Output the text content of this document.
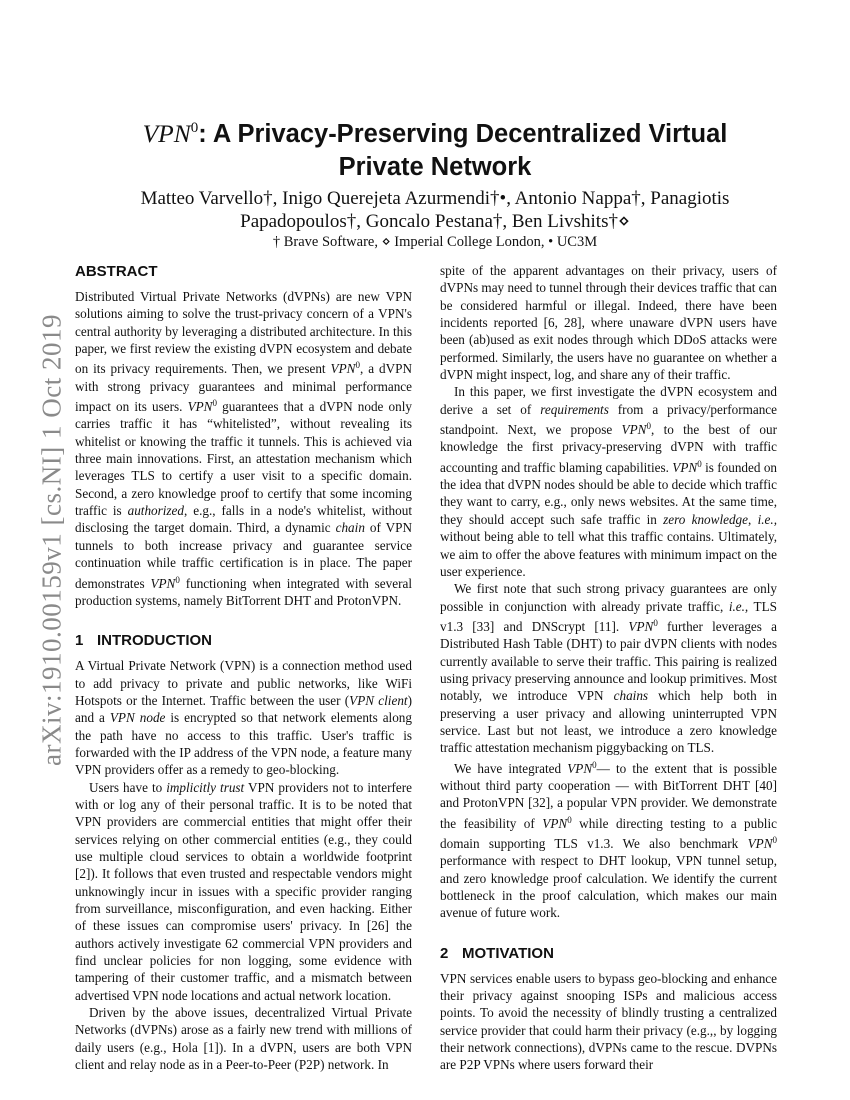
arXiv:1910.00159v1 [cs.NI] 1 Oct 2019
VPN$^0$: A Privacy-Preserving Decentralized Virtual
Private Network
Matteo Varvello†, Inigo Querejeta Azurmendi†•, Antonio Nappa†, Panagiotis
Papadopoulos†, Goncalo Pestana†, Ben Livshits†⋄
† Brave Software, ⋄ Imperial College London, • UC3M
ABSTRACT

Distributed Virtual Private Networks (dVPNs) are new VPN solutions aiming to solve the trust-privacy concern of a VPN's central authority by leveraging a distributed architecture. In this paper, we first review the existing dVPN ecosystem and debate on its privacy requirements. Then, we present VPN$^0$, a dVPN with strong privacy guarantees and minimal performance impact on its users. VPN$^0$ guarantees that a dVPN node only carries traffic it has “whitelisted”, without revealing its whitelist or knowing the traffic it tunnels. This is achieved via three main innovations. First, an attestation mechanism which leverages TLS to certify a user visit to a specific domain. Second, a zero knowledge proof to certify that some incoming traffic is authorized, e.g., falls in a node's whitelist, without disclosing the target domain. Third, a dynamic chain of VPN tunnels to both increase privacy and guarantee service continuation while traffic certification is in place. The paper demonstrates VPN$^0$ functioning when integrated with several production systems, namely BitTorrent DHT and ProtonVPN.

1 INTRODUCTION

A Virtual Private Network (VPN) is a connection method used to add privacy to private and public networks, like WiFi Hotspots or the Internet. Traffic between the user (VPN client) and a VPN node is encrypted so that network elements along the path have no access to this traffic. User's traffic is forwarded with the IP address of the VPN node, a feature many VPN providers offer as a remedy to geo-blocking.

Users have to implicitly trust VPN providers not to interfere with or log any of their personal traffic. It is to be noted that VPN providers are commercial entities that might offer their services relying on other commercial entities (e.g., they could use multiple cloud services to obtain a worldwide footprint [2]). It follows that even trusted and respectable vendors might unknowingly incur in issues with a specific provider ranging from surveillance, misconfiguration, and even hacking. Either of these issues can compromise users' privacy. In [26] the authors actively investigate 62 commercial VPN providers and find unclear policies for non logging, some evidence with tampering of their customer traffic, and a mismatch between advertised VPN node locations and actual network location.

Driven by the above issues, decentralized Virtual Private Networks (dVPNs) arose as a fairly new trend with millions of daily users (e.g., Hola [1]). In a dVPN, users are both VPN client and relay node as in a Peer-to-Peer (P2P) network. In

spite of the apparent advantages on their privacy, users of dVPNs may need to tunnel through their devices traffic that can be considered harmful or illegal. Indeed, there have been incidents reported [6, 28], where unaware dVPN users have been (ab)used as exit nodes through which DDoS attacks were performed. Similarly, the users have no guarantee on whether a dVPN might inspect, log, and share any of their traffic.

In this paper, we first investigate the dVPN ecosystem and derive a set of requirements from a privacy/performance standpoint. Next, we propose VPN$^0$, to the best of our knowledge the first privacy-preserving dVPN with traffic accounting and traffic blaming capabilities. VPN$^0$ is founded on the idea that dVPN nodes should be able to decide which traffic they want to carry, e.g., only news websites. At the same time, they should accept such safe traffic in zero knowledge, i.e., without being able to tell what this traffic contains. Ultimately, we aim to offer the above features with minimum impact on the user experience.

We first note that such strong privacy guarantees are only possible in conjunction with already private traffic, i.e., TLS v1.3 [33] and DNScrypt [11]. VPN$^0$ further leverages a Distributed Hash Table (DHT) to pair dVPN clients with nodes currently available to serve their traffic. This pairing is realized using privacy preserving announce and lookup primitives. Most notably, we introduce VPN chains which help both in preserving a user privacy and allowing uninterrupted VPN service. Last but not least, we introduce a zero knowledge traffic attestation mechanism piggybacking on TLS.

We have integrated VPN$^0$— to the extent that is possible without third party cooperation — with BitTorrent DHT [40] and ProtonVPN [32], a popular VPN provider. We demonstrate the feasibility of VPN$^0$ while directing testing to a public domain supporting TLS v1.3. We also benchmark VPN$^0$ performance with respect to DHT lookup, VPN tunnel setup, and zero knowledge proof calculation. We identify the current bottleneck in the proof calculation, which makes our main avenue of future work.

2 MOTIVATION

VPN services enable users to bypass geo-blocking and enhance their privacy against snooping ISPs and malicious access points. To avoid the necessity of blindly trusting a centralized service provider that could harm their privacy (e.g.,, by logging their network connections), dVPNs came to the rescue. DVPNs are P2P VPNs where users forward their
